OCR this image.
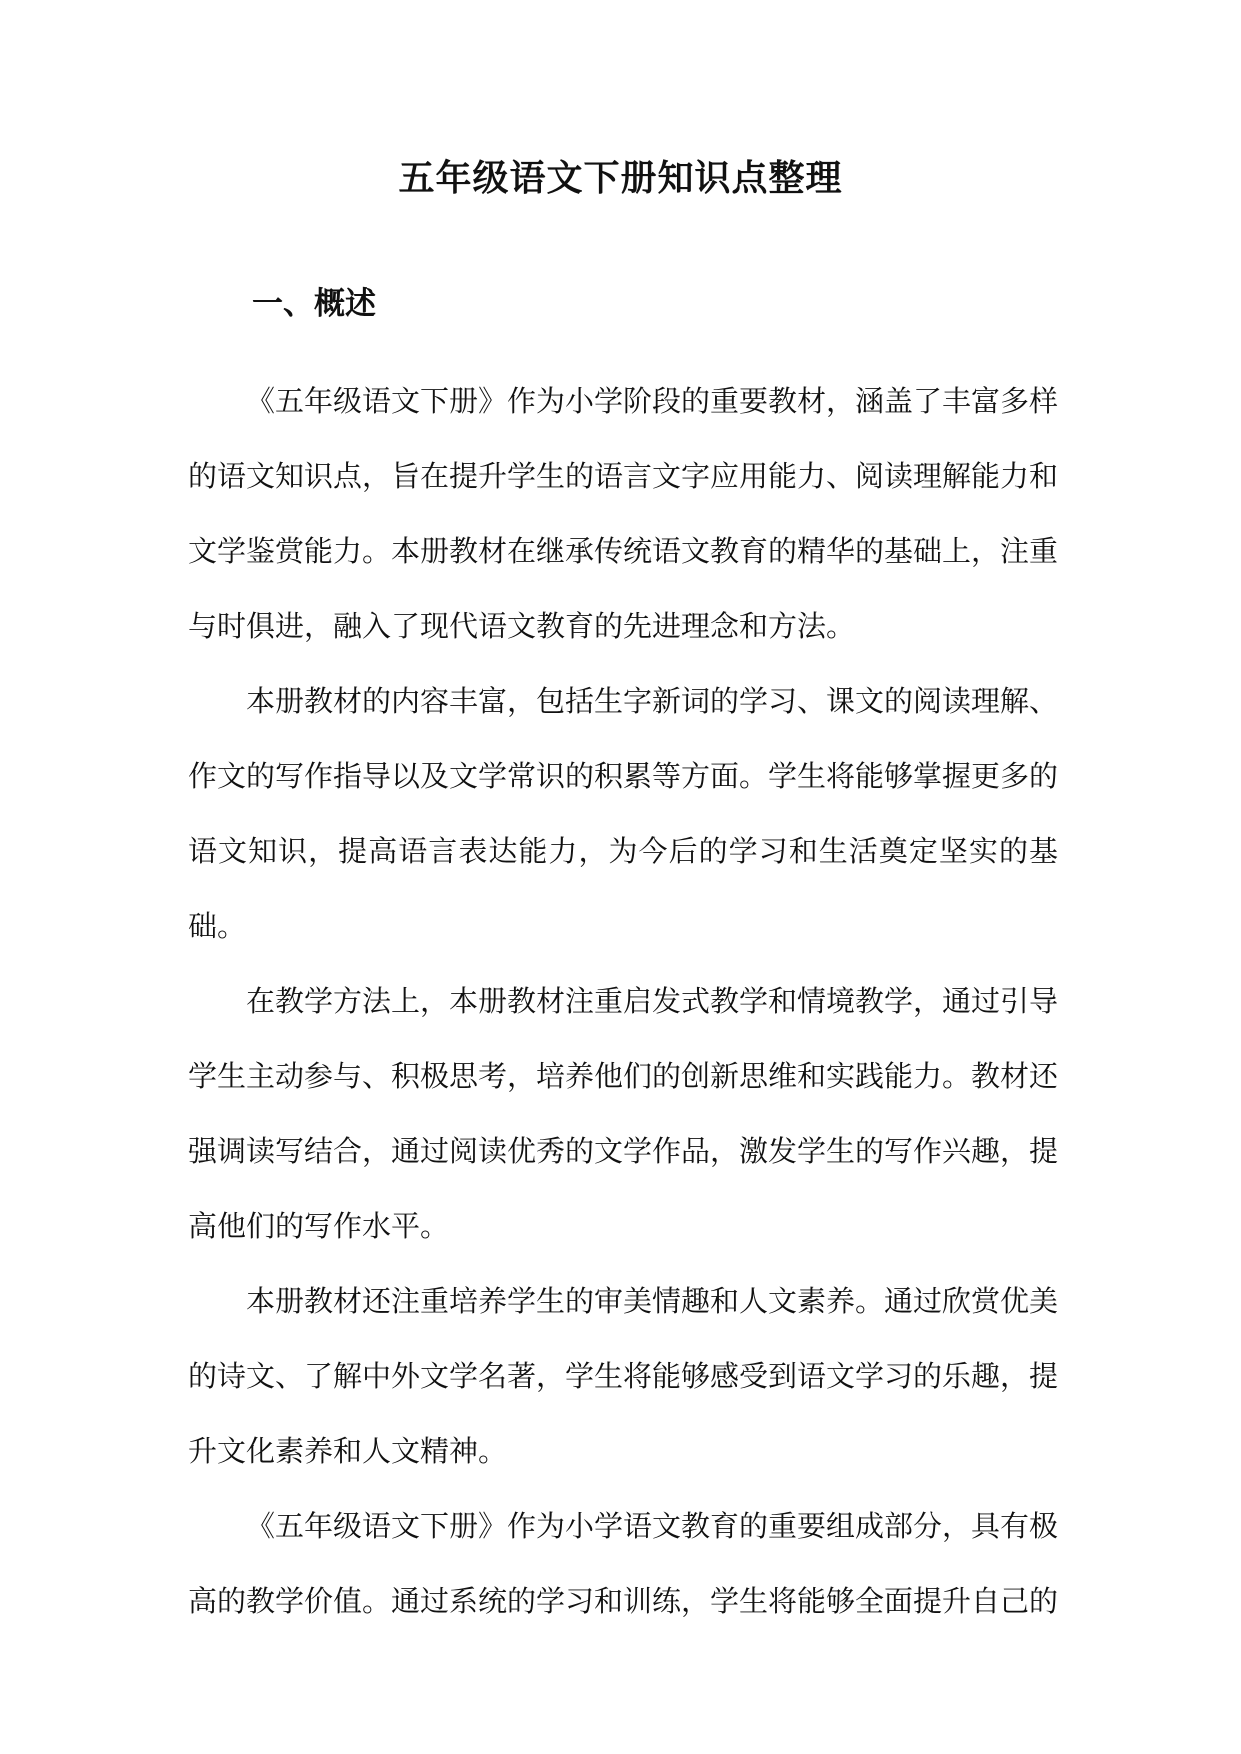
五年级语文下册知识点整理
一、概述

《五年级语文下册》作为小学阶段的重要教材，涵盖了丰富多样的语文知识点，旨在提升学生的语言文字应用能力、阅读理解能力和文学鉴赏能力。本册教材在继承传统语文教育的精华的基础上，注重与时俱进，融入了现代语文教育的先进理念和方法。

本册教材的内容丰富，包括生字新词的学习、课文的阅读理解、作文的写作指导以及文学常识的积累等方面。学生将能够掌握更多的语文知识，提高语言表达能力，为今后的学习和生活奠定坚实的基础。

在教学方法上，本册教材注重启发式教学和情境教学，通过引导学生主动参与、积极思考，培养他们的创新思维和实践能力。教材还强调读写结合，通过阅读优秀的文学作品，激发学生的写作兴趣，提高他们的写作水平。

本册教材还注重培养学生的审美情趣和人文素养。通过欣赏优美的诗文、了解中外文学名著，学生将能够感受到语文学习的乐趣，提升文化素养和人文精神。

《五年级语文下册》作为小学语文教育的重要组成部分，具有极高的教学价值。通过系统的学习和训练，学生将能够全面提升自己的
